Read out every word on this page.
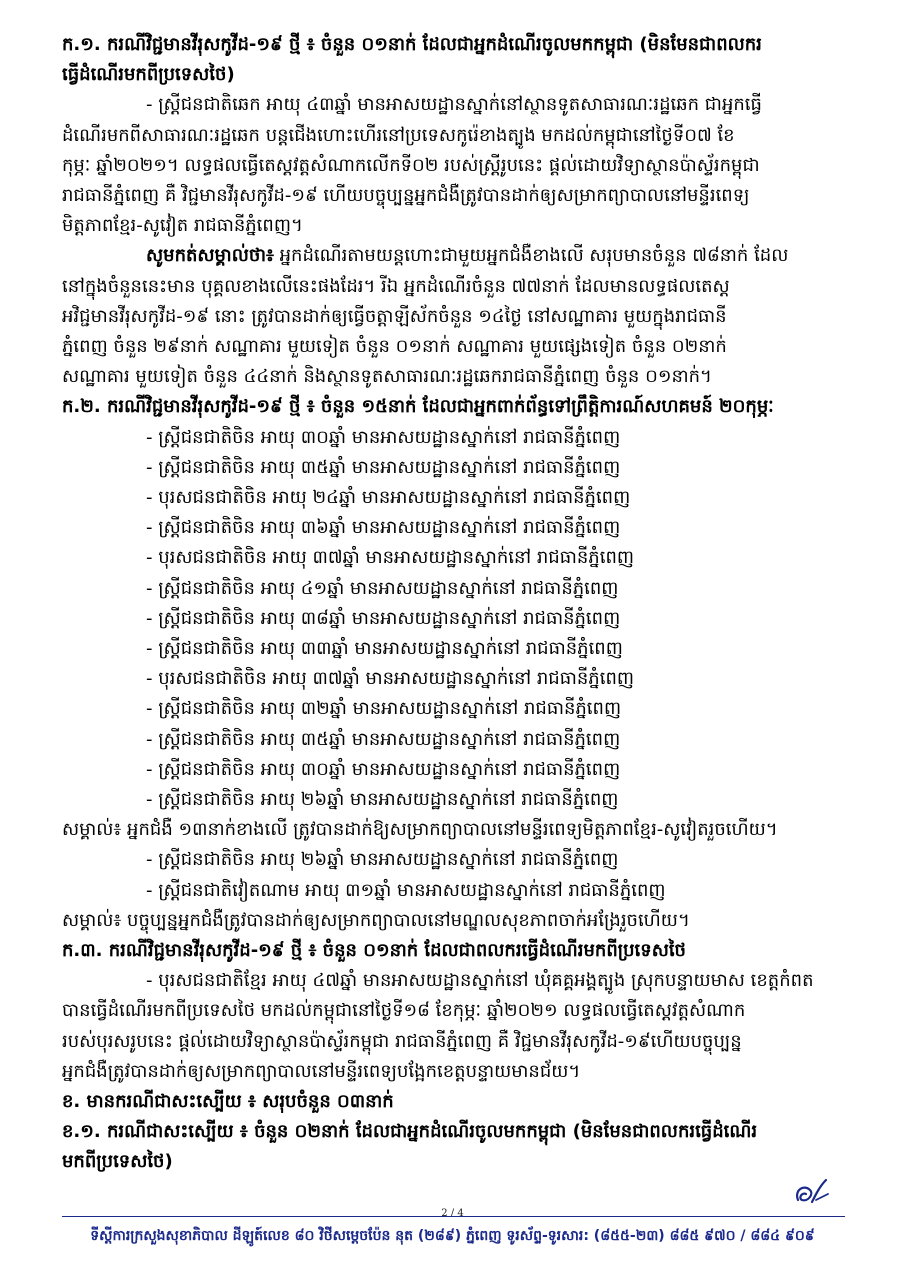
ក.១. ករណីវិជ្ជមានវីរុសកូវីដ-១៩ ថ្មី ៖ ចំនួន ០១នាក់ ដែលជាអ្នកដំណើរចូលមកកម្ពុជា (មិនមែនជាពលករ
ធ្វើដំណើរមកពីប្រទេសថៃ)
- ស្ត្រីជនជាតិឆេក អាយុ ៤៣ឆ្នាំ មានអាសយដ្ឋានស្នាក់នៅស្ថានទូតសាធារណៈរដ្ឋឆេក ជាអ្នកធ្វើ
ដំណើរមកពីសាធារណៈរដ្ឋឆេក បន្តជើងហោះហើរនៅប្រទេសកូរ៉េខាងត្បូង មកដល់កម្ពុជានៅថ្ងៃទី០៧ ខែ
កុម្ភៈ ឆ្នាំ២០២១។ លទ្ធផលធ្វើតេស្តវត្តសំណាកលើកទី០២ របស់ស្ត្រីរូបនេះ ផ្តល់ដោយវិទ្យាស្ថានប៉ាស្ទ័រកម្ពុជា
រាជធានីភ្នំពេញ គឺ វិជ្ជមានវីរុសកូវីដ-១៩ ហើយបច្ចុប្បន្នអ្នកជំងឺត្រូវបានដាក់ឲ្យសម្រាកព្យាបាលនៅមន្ទីរពេទ្យ
មិត្តភាពខ្មែរ-សូវៀត រាជធានីភ្នំពេញ។
សូមកត់សម្គាល់ថា៖ អ្នកដំណើរតាមយន្តហោះជាមួយអ្នកជំងឺខាងលើ សរុបមានចំនួន ៧៨នាក់ ដែល
នៅក្នុងចំនួននេះមាន បុគ្គលខាងលើនេះផងដែរ។ រីឯ អ្នកដំណើរចំនួន ៧៧នាក់ ដែលមានលទ្ធផលតេស្ត
អវិជ្ជមានវីរុសកូវីដ-១៩ នោះ ត្រូវបានដាក់ឲ្យធ្វើចត្តាឡីស័កចំនួន ១៤ថ្ងៃ នៅសណ្ឋាគារ មួយក្នុងរាជធានី
ភ្នំពេញ ចំនួន ២៩នាក់ សណ្ឋាគារ មួយទៀត ចំនួន ០១នាក់ សណ្ឋាគារ មួយផ្សេងទៀត ចំនួន ០២នាក់
សណ្ឋាគារ មួយទៀត ចំនួន ៤៤នាក់ និងស្ថានទូតសាធារណៈរដ្ឋឆេករាជធានីភ្នំពេញ ចំនួន ០១នាក់។
ក.២. ករណីវិជ្ជមានវីរុសកូវីដ-១៩ ថ្មី ៖ ចំនួន ១៥នាក់ ដែលជាអ្នកពាក់ព័ន្ធទៅព្រឹត្តិការណ៍សហគមន៍ ២០កុម្ភៈ
- ស្ត្រីជនជាតិចិន អាយុ ៣០ឆ្នាំ មានអាសយដ្ឋានស្នាក់នៅ រាជធានីភ្នំពេញ
- ស្ត្រីជនជាតិចិន អាយុ ៣៥ឆ្នាំ មានអាសយដ្ឋានស្នាក់នៅ រាជធានីភ្នំពេញ
- បុរសជនជាតិចិន អាយុ ២៤ឆ្នាំ មានអាសយដ្ឋានស្នាក់នៅ រាជធានីភ្នំពេញ
- ស្ត្រីជនជាតិចិន អាយុ ៣៦ឆ្នាំ មានអាសយដ្ឋានស្នាក់នៅ រាជធានីភ្នំពេញ
- បុរសជនជាតិចិន អាយុ ៣៧ឆ្នាំ មានអាសយដ្ឋានស្នាក់នៅ រាជធានីភ្នំពេញ
- ស្ត្រីជនជាតិចិន អាយុ ៤១ឆ្នាំ មានអាសយដ្ឋានស្នាក់នៅ រាជធានីភ្នំពេញ
- ស្ត្រីជនជាតិចិន អាយុ ៣៨ឆ្នាំ មានអាសយដ្ឋានស្នាក់នៅ រាជធានីភ្នំពេញ
- ស្ត្រីជនជាតិចិន អាយុ ៣៣ឆ្នាំ មានអាសយដ្ឋានស្នាក់នៅ រាជធានីភ្នំពេញ
- បុរសជនជាតិចិន អាយុ ៣៧ឆ្នាំ មានអាសយដ្ឋានស្នាក់នៅ រាជធានីភ្នំពេញ
- ស្ត្រីជនជាតិចិន អាយុ ៣២ឆ្នាំ មានអាសយដ្ឋានស្នាក់នៅ រាជធានីភ្នំពេញ
- ស្ត្រីជនជាតិចិន អាយុ ៣៥ឆ្នាំ មានអាសយដ្ឋានស្នាក់នៅ រាជធានីភ្នំពេញ
- ស្ត្រីជនជាតិចិន អាយុ ៣០ឆ្នាំ មានអាសយដ្ឋានស្នាក់នៅ រាជធានីភ្នំពេញ
- ស្ត្រីជនជាតិចិន អាយុ ២៦ឆ្នាំ មានអាសយដ្ឋានស្នាក់នៅ រាជធានីភ្នំពេញ
សម្គាល់៖ អ្នកជំងឺ ១៣នាក់ខាងលើ ត្រូវបានដាក់ឱ្យសម្រាកព្យាបាលនៅមន្ទីរពេទ្យមិត្តភាពខ្មែរ-សូវៀតរួចហើយ។
- ស្ត្រីជនជាតិចិន អាយុ ២៦ឆ្នាំ មានអាសយដ្ឋានស្នាក់នៅ រាជធានីភ្នំពេញ
- ស្ត្រីជនជាតិវៀតណាម អាយុ ៣១ឆ្នាំ មានអាសយដ្ឋានស្នាក់នៅ រាជធានីភ្នំពេញ
សម្គាល់៖ បច្ចុប្បន្នអ្នកជំងឺត្រូវបានដាក់ឲ្យសម្រាកព្យាបាលនៅមណ្ឌលសុខភាពចាក់អង្រែរួចហើយ។
ក.៣. ករណីវិជ្ជមានវីរុសកូវីដ-១៩ ថ្មី ៖ ចំនួន ០១នាក់ ដែលជាពលករធ្វើដំណើរមកពីប្រទេសថៃ
- បុរសជនជាតិខ្មែរ អាយុ ៤៧ឆ្នាំ មានអាសយដ្ឋានស្នាក់នៅ ឃុំគគ្គអង្គត្បូង ស្រុកបន្ទាយមាស ខេត្តកំពត
បានធ្វើដំណើរមកពីប្រទេសថៃ មកដល់កម្ពុជានៅថ្ងៃទី១៨ ខែកុម្ភៈ ឆ្នាំ២០២១ លទ្ធផលធ្វើតេស្តវត្តសំណាក
របស់បុរសរូបនេះ ផ្តល់ដោយវិទ្យាស្ថានប៉ាស្ទ័រកម្ពុជា រាជធានីភ្នំពេញ គឺ វិជ្ជមានវីរុសកូវីដ-១៩ហើយបច្ចុប្បន្ន
អ្នកជំងឺត្រូវបានដាក់ឲ្យសម្រាកព្យាបាលនៅមន្ទីរពេទ្យបង្អែកខេត្តបន្ទាយមានជ័យ។
ខ. មានករណីជាសះស្បើយ ៖ សរុបចំនួន ០៣នាក់
ខ.១. ករណីជាសះស្បើយ ៖ ចំនួន ០២នាក់ ដែលជាអ្នកដំណើរចូលមកកម្ពុជា (មិនមែនជាពលករធ្វើដំណើរ
មកពីប្រទេសថៃ)
2 / 4
ទីស្តីការក្រសួងសុខាភិបាល ដីឡូត៍លេខ ៨០ វិថីសម្តេចប៉ែន នុត (២៨៩) ភ្នំពេញ ទូរស័ព្ទ-ទូរសារ: (៨៥៥-២៣) ៨៨៥ ៩៧០ / ៨៨៤ ៩០៩
